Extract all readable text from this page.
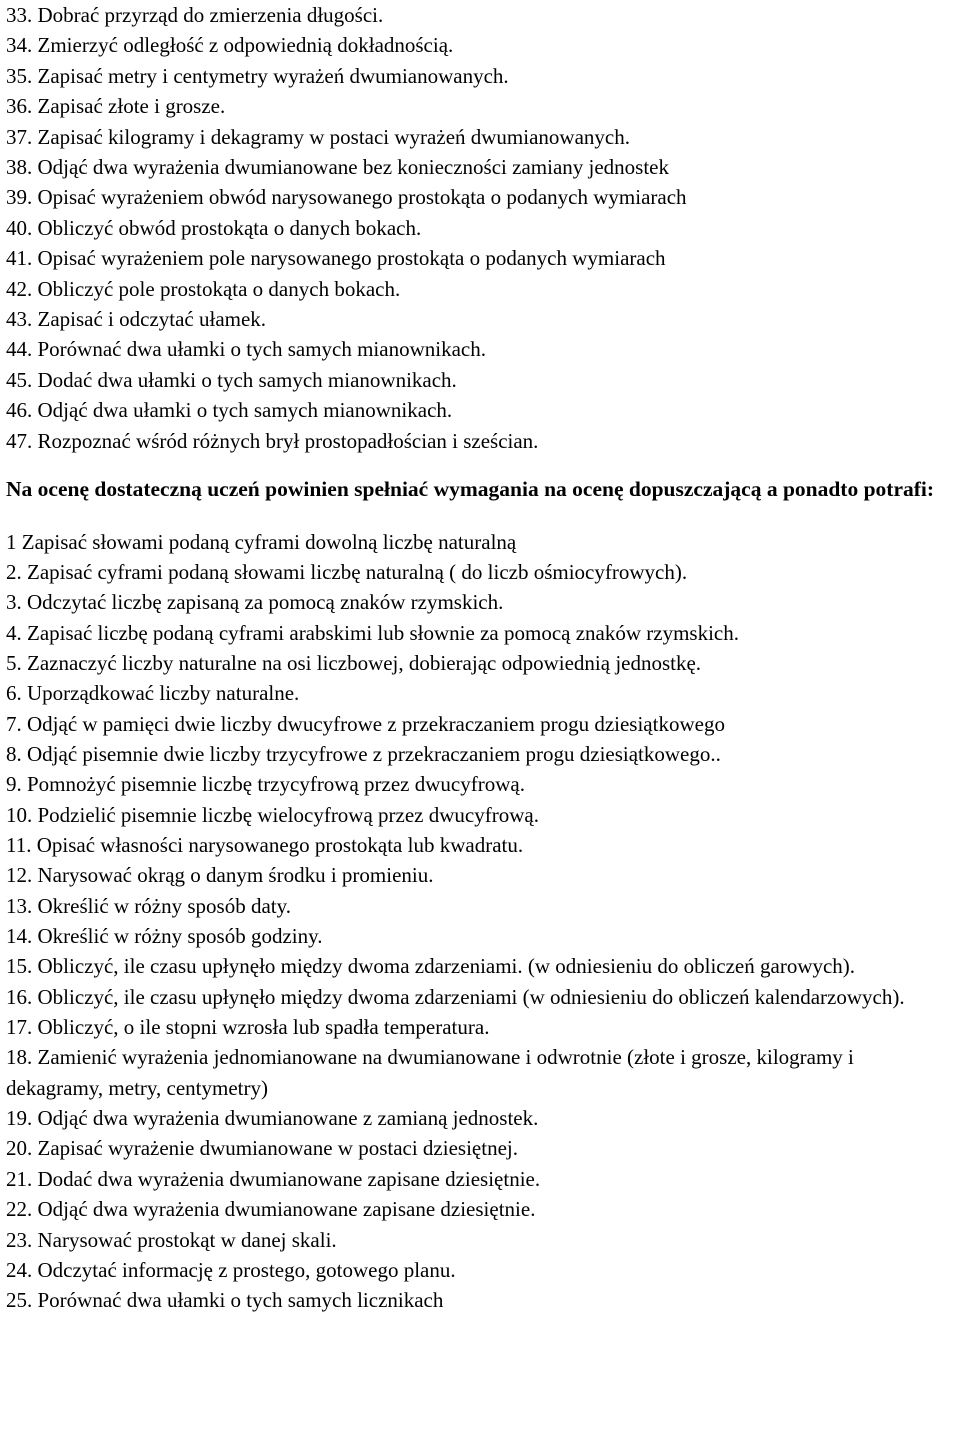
33. Dobrać przyrząd do zmierzenia długości.
34. Zmierzyć odległość z odpowiednią dokładnością.
35. Zapisać metry i centymetry wyrażeń dwumianowanych.
36. Zapisać złote i grosze.
37. Zapisać kilogramy i dekagramy w postaci wyrażeń dwumianowanych.
38. Odjąć dwa wyrażenia dwumianowane bez konieczności zamiany jednostek
39. Opisać wyrażeniem obwód narysowanego prostokąta o podanych wymiarach
40. Obliczyć obwód prostokąta o danych bokach.
41. Opisać wyrażeniem pole narysowanego prostokąta o podanych wymiarach
42. Obliczyć pole prostokąta o danych bokach.
43. Zapisać i odczytać ułamek.
44. Porównać dwa ułamki o tych samych mianownikach.
45. Dodać dwa ułamki o tych samych mianownikach.
46. Odjąć dwa ułamki o tych samych mianownikach.
47. Rozpoznać wśród różnych brył prostopadłościan i sześcian.
Na ocenę dostateczną uczeń powinien spełniać wymagania na ocenę dopuszczającą a ponadto potrafi:
1 Zapisać słowami podaną cyframi dowolną liczbę naturalną
2. Zapisać cyframi podaną słowami liczbę naturalną ( do liczb ośmiocyfrowych).
3. Odczytać liczbę zapisaną za pomocą znaków rzymskich.
4. Zapisać liczbę podaną cyframi arabskimi lub słownie za pomocą znaków rzymskich.
5. Zaznaczyć liczby naturalne na osi liczbowej, dobierając odpowiednią jednostkę.
6. Uporządkować liczby naturalne.
7. Odjąć w pamięci dwie liczby dwucyfrowe z przekraczaniem progu dziesiątkowego
8. Odjąć pisemnie dwie liczby trzycyfrowe z przekraczaniem progu dziesiątkowego..
9. Pomnożyć pisemnie liczbę trzycyfrową przez dwucyfrową.
10. Podzielić pisemnie liczbę wielocyfrową przez dwucyfrową.
11. Opisać własności narysowanego prostokąta lub kwadratu.
12. Narysować okrąg o danym środku i promieniu.
13. Określić w różny sposób daty.
14. Określić w różny sposób godziny.
15. Obliczyć, ile czasu upłynęło między dwoma zdarzeniami. (w odniesieniu do obliczeń garowych).
16. Obliczyć, ile czasu upłynęło między dwoma zdarzeniami (w odniesieniu do obliczeń kalendarzowych).
17. Obliczyć, o ile stopni wzrosła lub spadła temperatura.
18. Zamienić wyrażenia jednomianowane na dwumianowane i odwrotnie (złote i grosze, kilogramy i dekagramy, metry, centymetry)
19. Odjąć dwa wyrażenia dwumianowane z zamianą jednostek.
20. Zapisać wyrażenie dwumianowane w postaci dziesiętnej.
21. Dodać dwa wyrażenia dwumianowane zapisane dziesiętnie.
22. Odjąć dwa wyrażenia dwumianowane zapisane dziesiętnie.
23. Narysować prostokąt w danej skali.
24. Odczytać informację z prostego, gotowego planu.
25. Porównać dwa ułamki o tych samych licznikach
